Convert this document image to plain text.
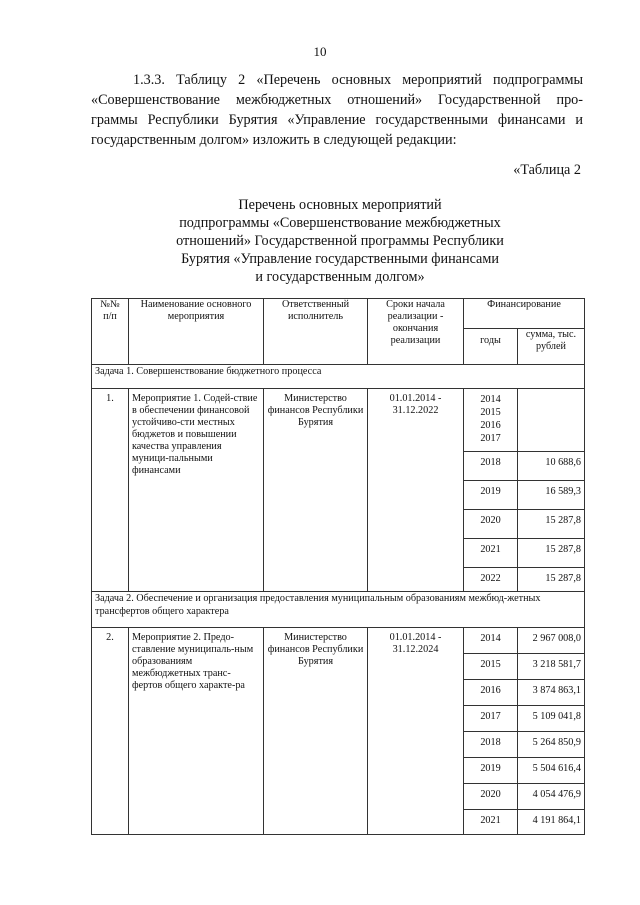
10

1.3.3. Таблицу 2 «Перечень основных мероприятий подпрограммы «Совершенствование межбюджетных отношений» Государственной про- граммы Республики Бурятия «Управление государственными финансами и государственным долгом» изложить в следующей редакции:

«Таблица 2
Перечень основных мероприятий
подпрограммы «Совершенствование межбюджетных
отношений» Государственной программы Республики
Бурятия «Управление государственными финансами
и государственным долгом»
№№ п/п	Наименование основного мероприятия	Ответственный исполнитель	Сроки начала реализации - окончания реализации	Финансирование	
				годы	сумма, тыс. рублей
Задача 1. Совершенствование бюджетного процесса					
1.	Мероприятие 1. Содей-ствие в обеспечении финансовой устойчиво-сти местных бюджетов и повышении качества управления муници-пальными финансами	Министерство финансов Республики Бурятия	01.01.2014 - 31.12.2022	2014 2015 2016 2017	
				2018	10 688,6
				2019	16 589,3
				2020	15 287,8
				2021	15 287,8
				2022	15 287,8
Задача 2. Обеспечение и организация предоставления муниципальным образованиям межбюд-жетных трансфертов общего характера					
2.	Мероприятие 2. Предо-ставление муниципаль-ным образованиям межбюджетных транс-фертов общего характе-ра	Министерство финансов Республики Бурятия	01.01.2014 - 31.12.2024	2014	2 967 008,0
				2015	3 218 581,7
				2016	3 874 863,1
				2017	5 109 041,8
				2018	5 264 850,9
				2019	5 504 616,4
				2020	4 054 476,9
				2021	4 191 864,1
